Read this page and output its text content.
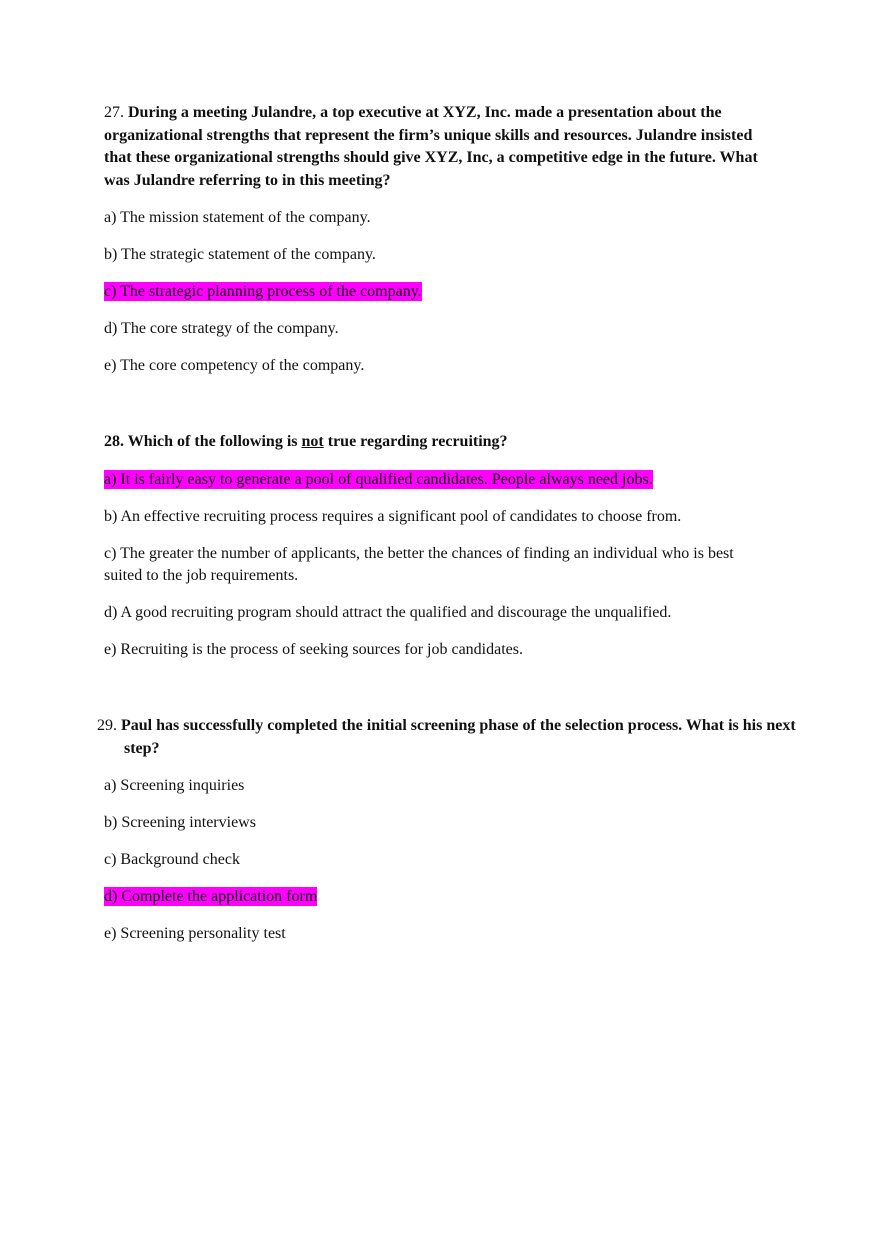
27. During a meeting Julandre, a top executive at XYZ, Inc. made a presentation about the organizational strengths that represent the firm’s unique skills and resources. Julandre insisted that these organizational strengths should give XYZ, Inc, a competitive edge in the future. What was Julandre referring to in this meeting?

a) The mission statement of the company.
b) The strategic statement of the company.
c) The strategic planning process of the company.
d) The core strategy of the company.
e) The core competency of the company.

28. Which of the following is not true regarding recruiting?

a) It is fairly easy to generate a pool of qualified candidates. People always need jobs.
b) An effective recruiting process requires a significant pool of candidates to choose from.
c) The greater the number of applicants, the better the chances of finding an individual who is best suited to the job requirements.
d) A good recruiting program should attract the qualified and discourage the unqualified.
e) Recruiting is the process of seeking sources for job candidates.

29. Paul has successfully completed the initial screening phase of the selection process. What is his next step?

a) Screening inquiries
b) Screening interviews
c) Background check
d) Complete the application form
e) Screening personality test
